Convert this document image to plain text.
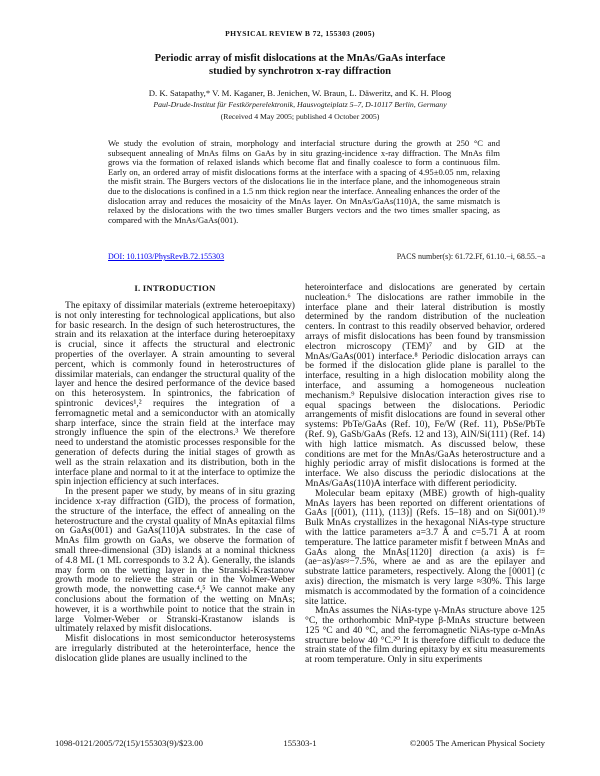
PHYSICAL REVIEW B 72, 155303 (2005)
Periodic array of misfit dislocations at the MnAs/GaAs interface
studied by synchrotron x-ray diffraction
D. K. Satapathy,* V. M. Kaganer, B. Jenichen, W. Braun, L. Däweritz, and K. H. Ploog
Paul-Drude-Institut für Festkörperelektronik, Hausvogteiplatz 5–7, D-10117 Berlin, Germany
(Received 4 May 2005; published 4 October 2005)
We study the evolution of strain, morphology and interfacial structure during the growth at 250 °C and subsequent annealing of MnAs films on GaAs by in situ grazing-incidence x-ray diffraction. The MnAs film grows via the formation of relaxed islands which become flat and finally coalesce to form a continuous film. Early on, an ordered array of misfit dislocations forms at the interface with a spacing of 4.95±0.05 nm, relaxing the misfit strain. The Burgers vectors of the dislocations lie in the interface plane, and the inhomogeneous strain due to the dislocations is confined in a 1.5 nm thick region near the interface. Annealing enhances the order of the dislocation array and reduces the mosaicity of the MnAs layer. On MnAs/GaAs(110)A, the same mismatch is relaxed by the dislocations with the two times smaller Burgers vectors and the two times smaller spacing, as compared with the MnAs/GaAs(001).
DOI: 10.1103/PhysRevB.72.155303	PACS number(s): 61.72.Ff, 61.10.−i, 68.55.−a
I. INTRODUCTION

The epitaxy of dissimilar materials (extreme heteroepitaxy) is not only interesting for technological applications, but also for basic research. In the design of such heterostructures, the strain and its relaxation at the interface during heteroepitaxy is crucial, since it affects the structural and electronic properties of the overlayer. A strain amounting to several percent, which is commonly found in heterostructures of dissimilar materials, can endanger the structural quality of the layer and hence the desired performance of the device based on this heterosystem. In spintronics, the fabrication of spintronic devices¹,² requires the integration of a ferromagnetic metal and a semiconductor with an atomically sharp interface, since the strain field at the interface may strongly influence the spin of the electrons.³ We therefore need to understand the atomistic processes responsible for the generation of defects during the initial stages of growth as well as the strain relaxation and its distribution, both in the interface plane and normal to it at the interface to optimize the spin injection efficiency at such interfaces.

In the present paper we study, by means of in situ grazing incidence x-ray diffraction (GID), the process of formation, the structure of the interface, the effect of annealing on the heterostructure and the crystal quality of MnAs epitaxial films on GaAs(001) and GaAs(110)A substrates. In the case of MnAs film growth on GaAs, we observe the formation of small three-dimensional (3D) islands at a nominal thickness of 4.8 ML (1 ML corresponds to 3.2 Å). Generally, the islands may form on the wetting layer in the Stranski-Krastanow growth mode to relieve the strain or in the Volmer-Weber growth mode, the nonwetting case.⁴,⁵ We cannot make any conclusions about the formation of the wetting on MnAs; however, it is a worthwhile point to notice that the strain in large Volmer-Weber or Stranski-Krastanow islands is ultimately relaxed by misfit dislocations.

Misfit dislocations in most semiconductor heterosystems are irregularly distributed at the heterointerface, hence the dislocation glide planes are usually inclined to the

heterointerface and dislocations are generated by certain nucleation.⁶ The dislocations are rather immobile in the interface plane and their lateral distribution is mostly determined by the random distribution of the nucleation centers. In contrast to this readily observed behavior, ordered arrays of misfit dislocations has been found by transmission electron microscopy (TEM)⁷ and by GID at the MnAs/GaAs(001) interface.⁸ Periodic dislocation arrays can be formed if the dislocation glide plane is parallel to the interface, resulting in a high dislocation mobility along the interface, and assuming a homogeneous nucleation mechanism.⁹ Repulsive dislocation interaction gives rise to equal spacings between the dislocations. Periodic arrangements of misfit dislocations are found in several other systems: PbTe/GaAs (Ref. 10), Fe/W (Ref. 11), PbSe/PbTe (Ref. 9), GaSb/GaAs (Refs. 12 and 13), AlN/Si(111) (Ref. 14) with high lattice mismatch. As discussed below, these conditions are met for the MnAs/GaAs heterostructure and a highly periodic array of misfit dislocations is formed at the interface. We also discuss the periodic dislocations at the MnAs/GaAs(110)A interface with different periodicity.

Molecular beam epitaxy (MBE) growth of high-quality MnAs layers has been reported on different orientations of GaAs [(001), (111), (113)] (Refs. 15–18) and on Si(001).¹⁹ Bulk MnAs crystallizes in the hexagonal NiAs-type structure with the lattice parameters a=3.7 Å and c=5.71 Å at room temperature. The lattice parameter misfit f between MnAs and GaAs along the MnAs[1120] direction (a axis) is f=(ae−as)/as≈−7.5%, where ae and as are the epilayer and substrate lattice parameters, respectively. Along the [0001] (c axis) direction, the mismatch is very large ≈30%. This large mismatch is accommodated by the formation of a coincidence site lattice.

MnAs assumes the NiAs-type γ-MnAs structure above 125 °C, the orthorhombic MnP-type β-MnAs structure between 125 °C and 40 °C, and the ferromagnetic NiAs-type α-MnAs structure below 40 °C.²⁰ It is therefore difficult to deduce the strain state of the film during epitaxy by ex situ measurements at room temperature. Only in situ experiments

1098-0121/2005/72(15)/155303(9)/$23.00	155303-1	©2005 The American Physical Society
